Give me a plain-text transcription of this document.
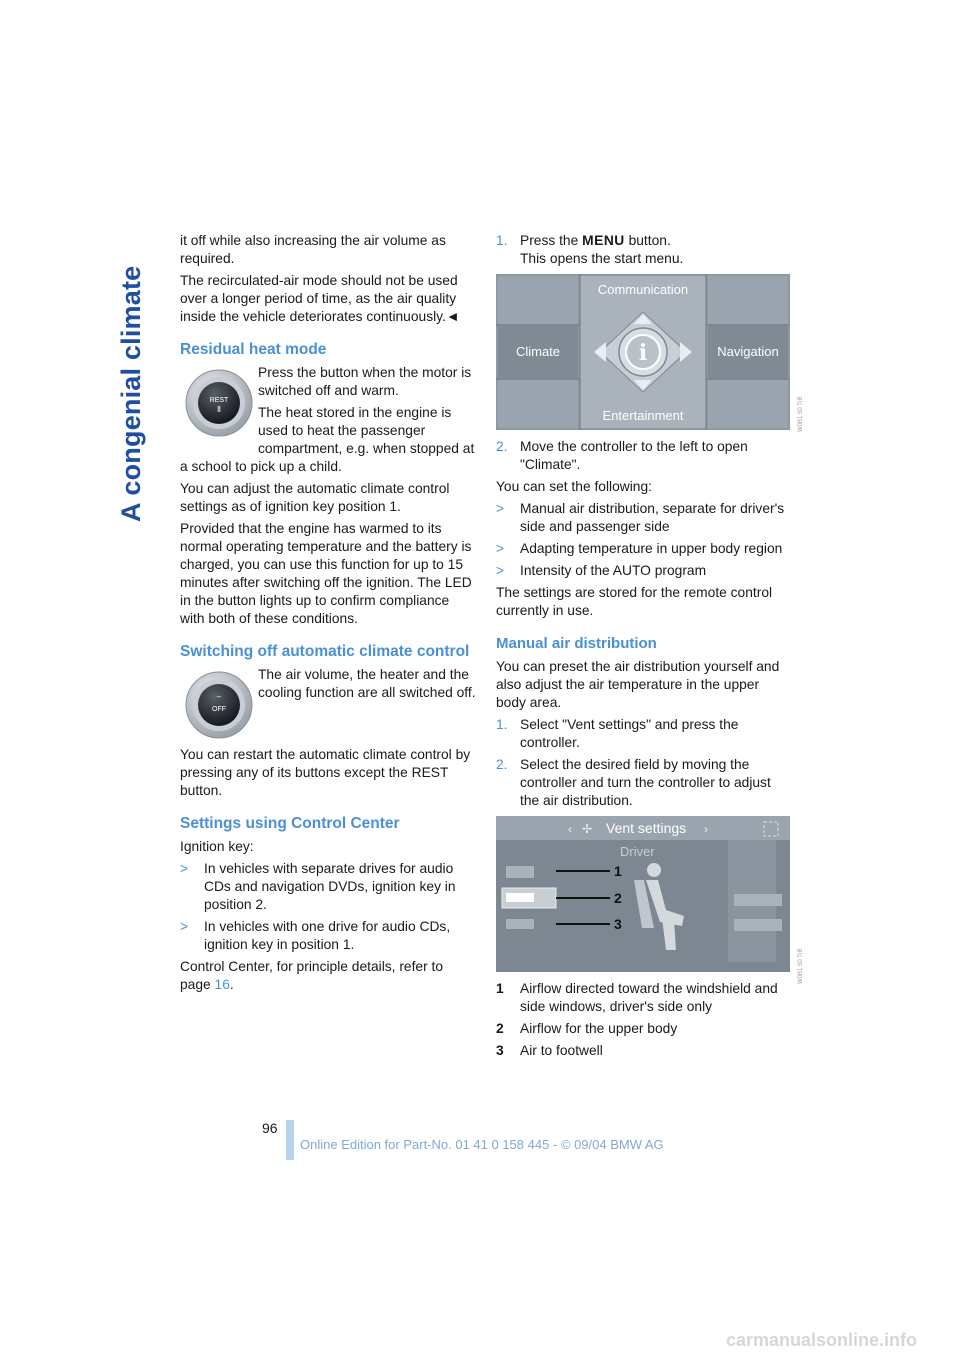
A congenial climate

it off while also increasing the air volume as required.

The recirculated-air mode should not be used over a longer period of time, as the air quality inside the vehicle deteriorates continuously.◄

Residual heat mode
REST
⦀

Press the button when the motor is switched off and warm.

The heat stored in the engine is used to heat the passenger compartment, e.g. when stopped at a school to pick up a child.

You can adjust the automatic climate control settings as of ignition key position 1.

Provided that the engine has warmed to its normal operating temperature and the battery is charged, you can use this function for up to 15 minutes after switching off the ignition. The LED in the button lights up to confirm compliance with both of these conditions.

Switching off automatic climate control
–
OFF

The air volume, the heater and the cooling function are all switched off.

You can restart the automatic climate control by pressing any of its buttons except the REST button.

Settings using Control Center

Ignition key:

> In vehicles with separate drives for audio CDs and navigation DVDs, ignition key in position 2.
> In vehicles with one drive for audio CDs, ignition key in position 1.

Control Center, for principle details, refer to page 16.

1. Press the MENU button.
This opens the start menu.
i
Communication
Climate	Navigation
Entertainment
2. Move the controller to the left to open "Climate".

You can set the following:

> Manual air distribution, separate for driver's side and passenger side
> Adapting temperature in upper body region
> Intensity of the AUTO program

The settings are stored for the remote control currently in use.

Manual air distribution

You can preset the air distribution yourself and also adjust the air temperature in the upper body area.

1. Select "Vent settings" and press the controller.
2. Select the desired field by moving the controller and turn the controller to adjust the air distribution.
‹ ✢ Vent settings ›
Driver
1
2
3
1 Airflow directed toward the windshield and side windows, driver's side only
2 Airflow for the upper body
3 Air to footwell
W0B1 50 TIB
W0B1 50 TIB
96
Online Edition for Part-No. 01 41 0 158 445 - © 09/04 BMW AG
carmanualsonline.info
